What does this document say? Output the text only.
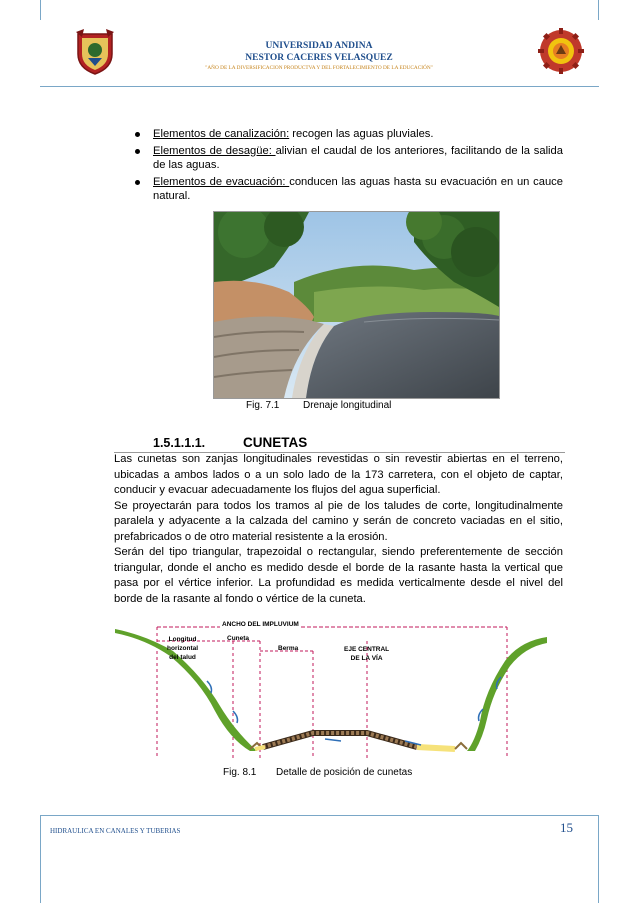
UNIVERSIDAD ANDINA
NESTOR CACERES VELASQUEZ
"AÑO DE LA DIVERSIFICACION PRODUCTVA Y DEL FORTALECIMIENTO DE LA EDUCACIÓN"
Elementos de canalización: recogen las aguas pluviales.
Elementos de desagüe: alivian el caudal de los anteriores, facilitando de la salida de las aguas.
Elementos de evacuación: conducen las aguas hasta su evacuación en un cauce natural.
Fig. 7.1 Drenaje longitudinal
1.5.1.1.1.	CUNETAS

Las cunetas son zanjas longitudinales revestidas o sin revestir abiertas en el terreno, ubicadas a ambos lados o a un solo lado de la 173 carretera, con el objeto de captar, conducir y evacuar adecuadamente los flujos del agua superficial.

Se proyectarán para todos los tramos al pie de los taludes de corte, longitudinalmente paralela y adyacente a la calzada del camino y serán de concreto vaciadas en el sitio, prefabricados o de otro material resistente a la erosión.

Serán del tipo triangular, trapezoidal o rectangular, siendo preferentemente de sección triangular, donde el ancho es medido desde el borde de la rasante hasta la vertical que pasa por el vértice inferior. La profundidad es medida verticalmente desde el nivel del borde de la rasante al fondo o vértice de la cuneta.

ANCHO DEL IMPLUVIUM
Longitud
horizontal
del talud
Cuneta
Berma	EJE CENTRAL
DE LA VÍA
Fig. 8.1 Detalle de posición de cunetas
HIDRAULICA EN CANALES Y TUBERIAS	15
